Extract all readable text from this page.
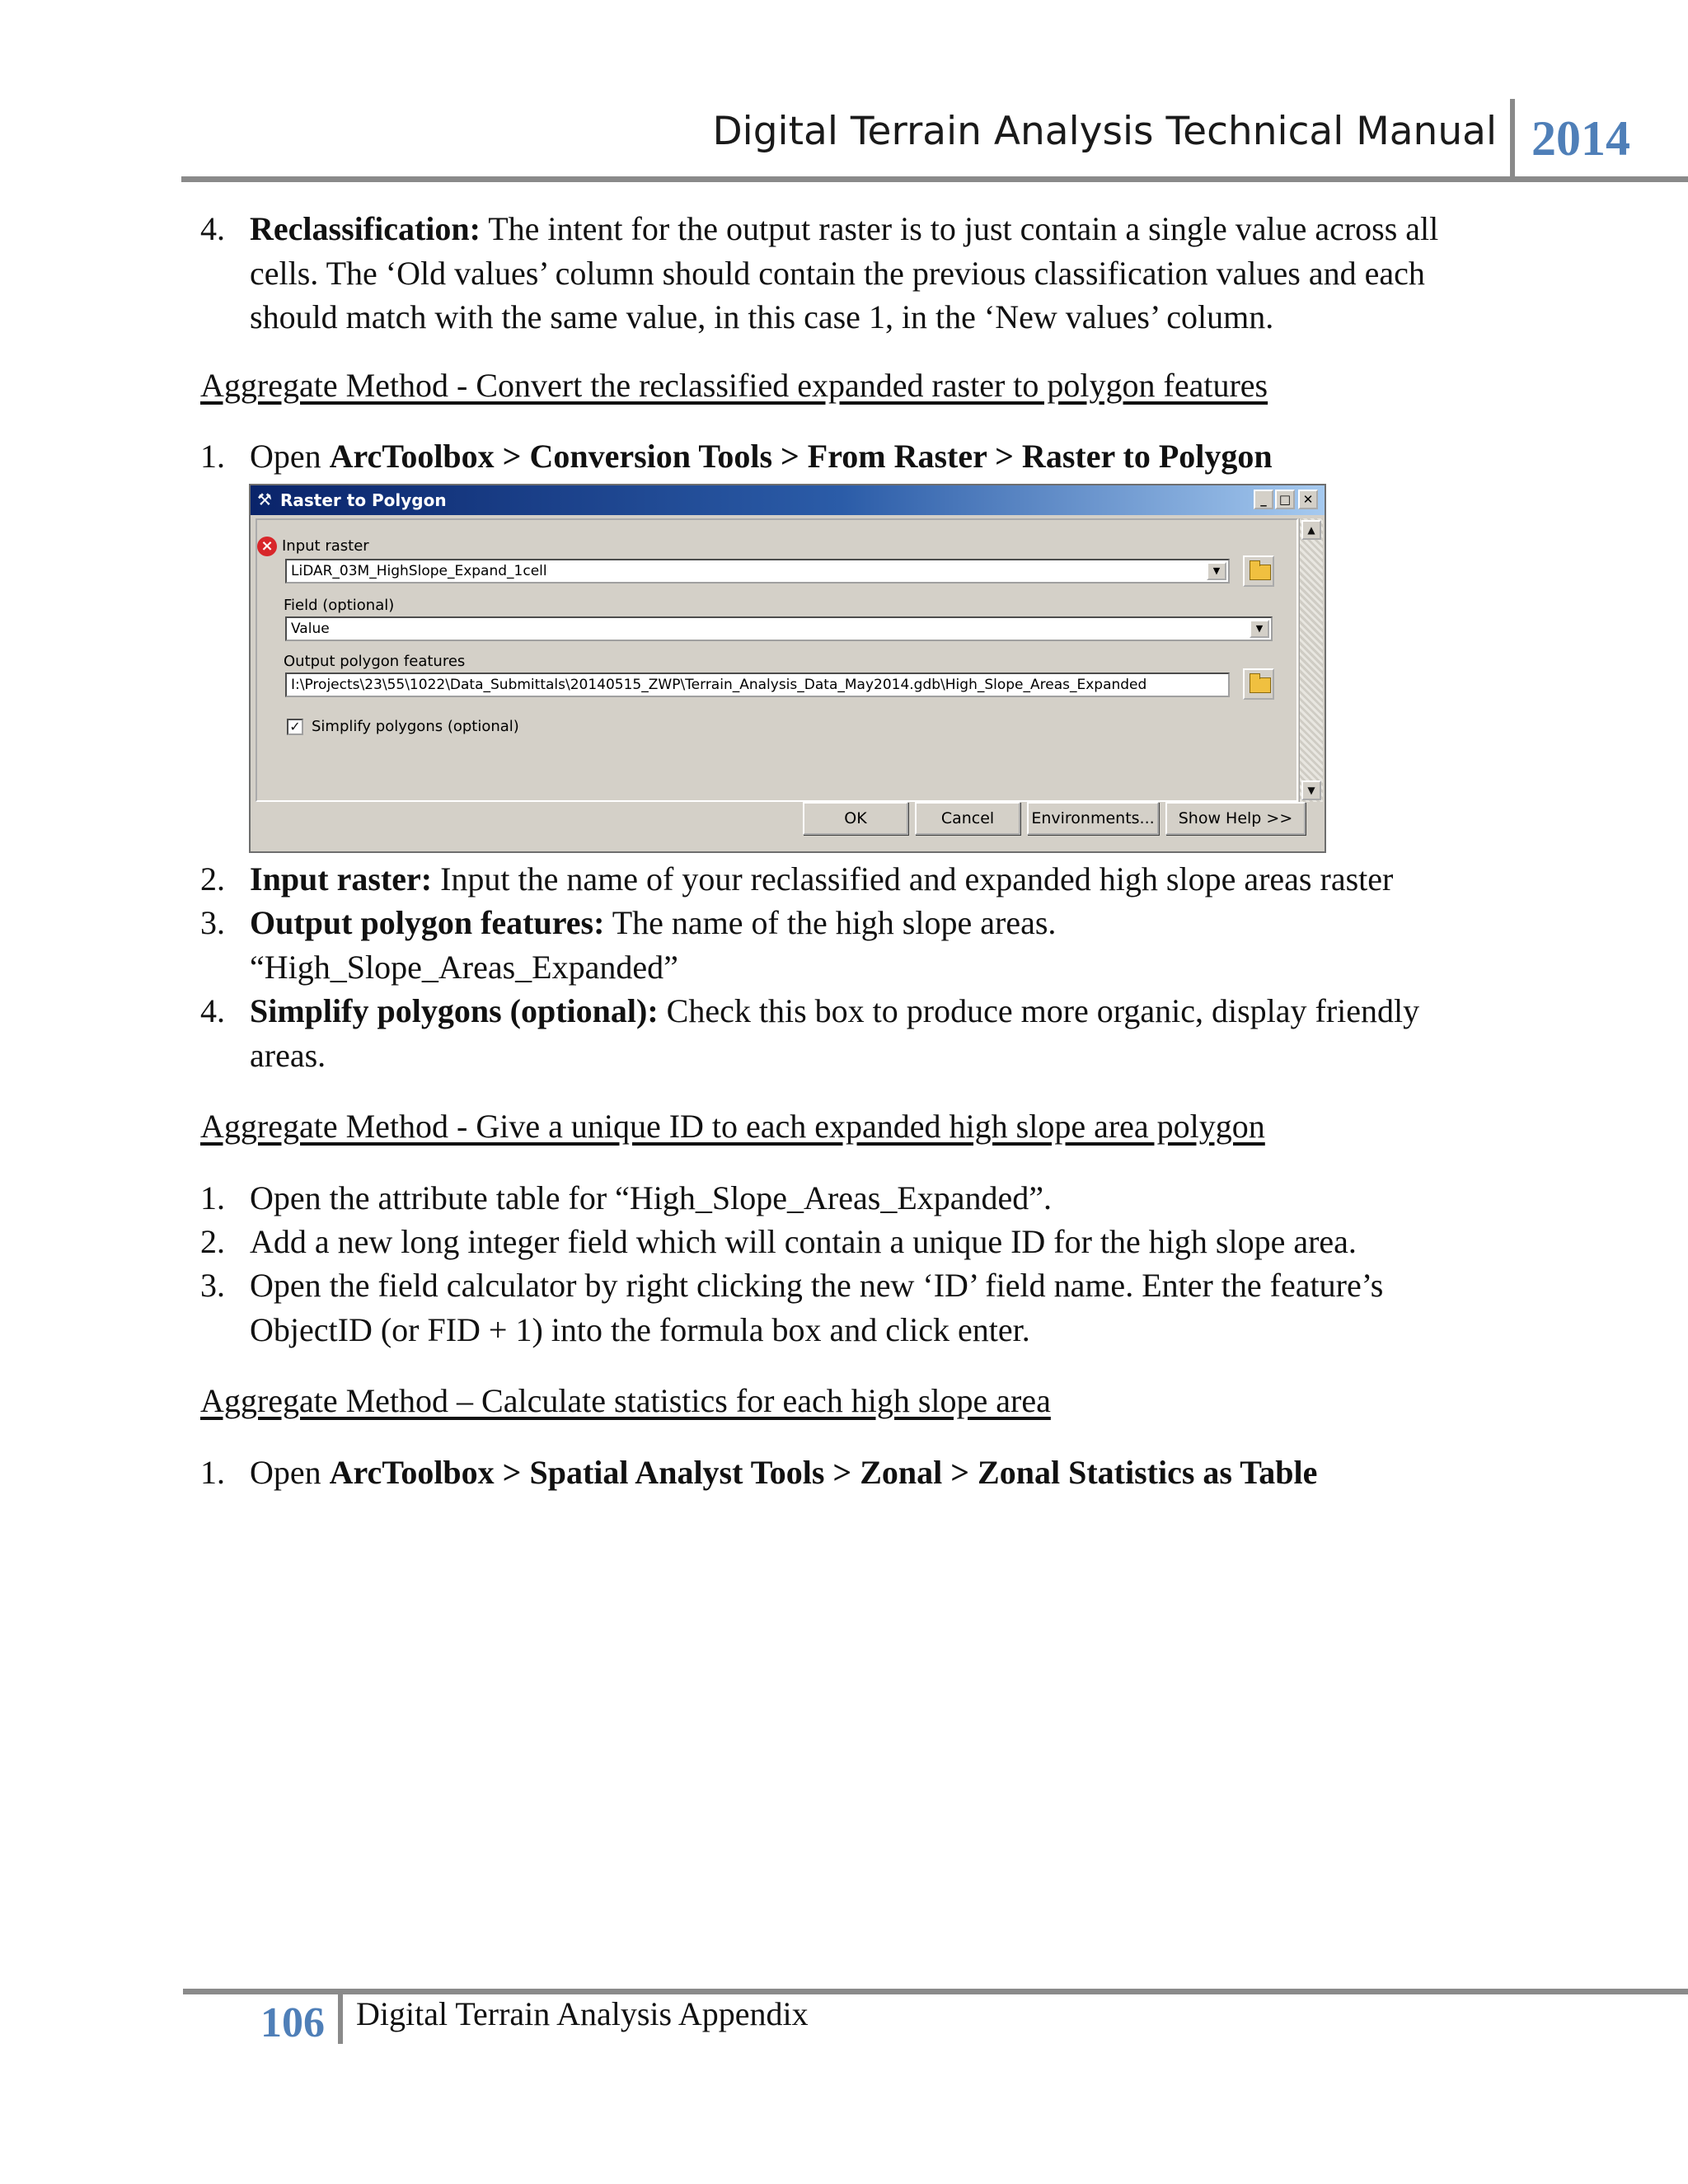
Digital Terrain Analysis Technical Manual 2014
4. Reclassification: The intent for the output raster is to just contain a single value across all cells. The ‘Old values’ column should contain the previous classification values and each should match with the same value, in this case 1, in the ‘New values’ column.
Aggregate Method - Convert the reclassified expanded raster to polygon features
1. Open ArcToolbox > Conversion Tools > From Raster > Raster to Polygon
2. Input raster: Input the name of your reclassified and expanded high slope areas raster
3. Output polygon features: The name of the high slope areas. “High_Slope_Areas_Expanded”
4. Simplify polygons (optional): Check this box to produce more organic, display friendly areas.
Aggregate Method - Give a unique ID to each expanded high slope area polygon
1. Open the attribute table for “High_Slope_Areas_Expanded”.
2. Add a new long integer field which will contain a unique ID for the high slope area.
3. Open the field calculator by right clicking the new ‘ID’ field name. Enter the feature’s ObjectID (or FID + 1) into the formula box and click enter.
Aggregate Method – Calculate statistics for each high slope area
1. Open ArcToolbox > Spatial Analyst Tools > Zonal > Zonal Statistics as Table
⚒ Raster to Polygon	_	□ ✕
× Input raster
LiDAR_03M_HighSlope_Expand_1cell	▼
Field (optional)
Value	▼
Output polygon features
I:\Projects\23\55\1022\Data_Submittals\20140515_ZWP\Terrain_Analysis_Data_May2014.gdb\High_Slope_Areas_Expanded
✓ Simplify polygons (optional)
▲
▼
OK	Cancel	Environments...	Show Help >>
106 Digital Terrain Analysis Appendix
